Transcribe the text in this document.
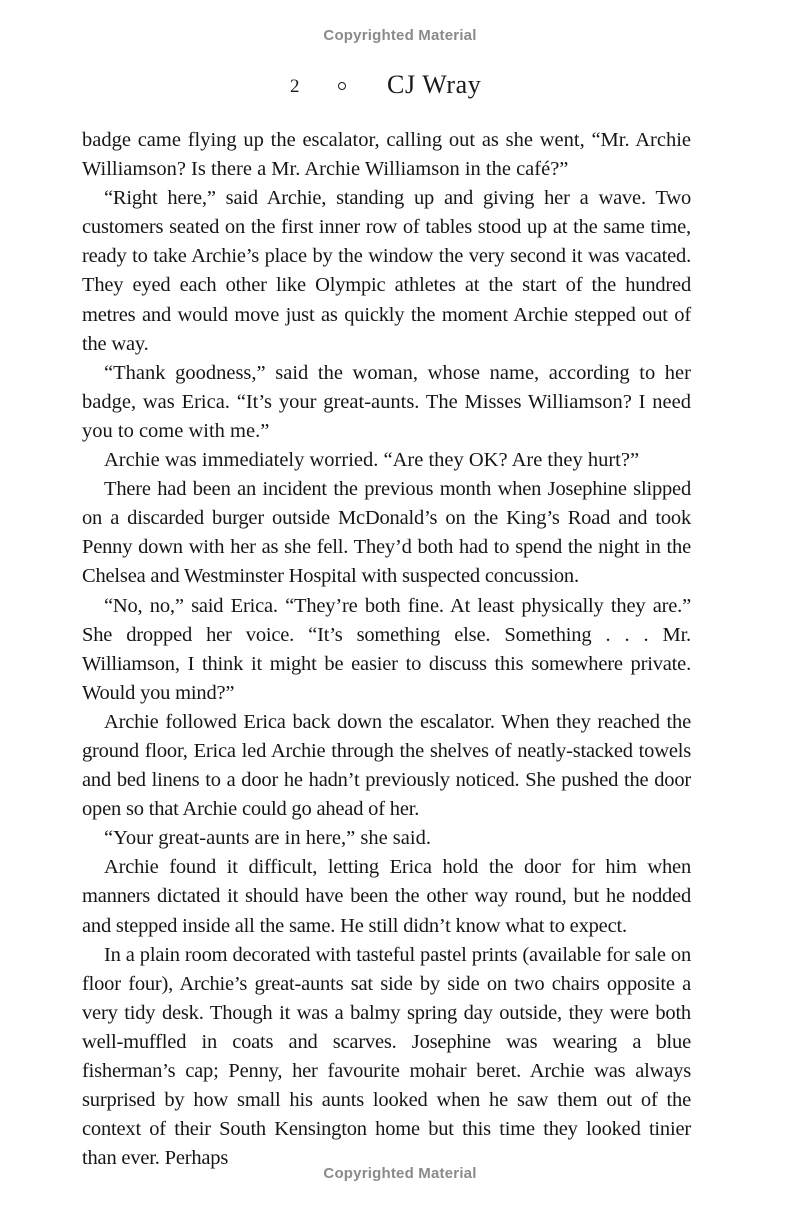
Copyrighted Material
2	CJ Wray

badge came flying up the escalator, calling out as she went, “Mr. Archie Williamson? Is there a Mr. Archie Williamson in the café?”

“Right here,” said Archie, standing up and giving her a wave. Two customers seated on the first inner row of tables stood up at the same time, ready to take Archie’s place by the window the very second it was vacated. They eyed each other like Olympic athletes at the start of the hundred metres and would move just as quickly the moment Archie stepped out of the way.

“Thank goodness,” said the woman, whose name, according to her badge, was Erica. “It’s your great-aunts. The Misses Williamson? I need you to come with me.”

Archie was immediately worried. “Are they OK? Are they hurt?”

There had been an incident the previous month when Josephine slipped on a discarded burger outside McDonald’s on the King’s Road and took Penny down with her as she fell. They’d both had to spend the night in the Chelsea and Westminster Hospital with suspected concussion.

“No, no,” said Erica. “They’re both fine. At least physically they are.” She dropped her voice. “It’s something else. Something . . . Mr. Williamson, I think it might be easier to discuss this somewhere private. Would you mind?”

Archie followed Erica back down the escalator. When they reached the ground floor, Erica led Archie through the shelves of neatly-stacked towels and bed linens to a door he hadn’t previously noticed. She pushed the door open so that Archie could go ahead of her.

“Your great-aunts are in here,” she said.

Archie found it difficult, letting Erica hold the door for him when manners dictated it should have been the other way round, but he nodded and stepped inside all the same. He still didn’t know what to expect.

In a plain room decorated with tasteful pastel prints (available for sale on floor four), Archie’s great-aunts sat side by side on two chairs opposite a very tidy desk. Though it was a balmy spring day outside, they were both well-muffled in coats and scarves. Josephine was wearing a blue fisherman’s cap; Penny, her favourite mohair beret. Archie was always surprised by how small his aunts looked when he saw them out of the context of their South Kensington home but this time they looked tinier than ever. Perhaps

Copyrighted Material
